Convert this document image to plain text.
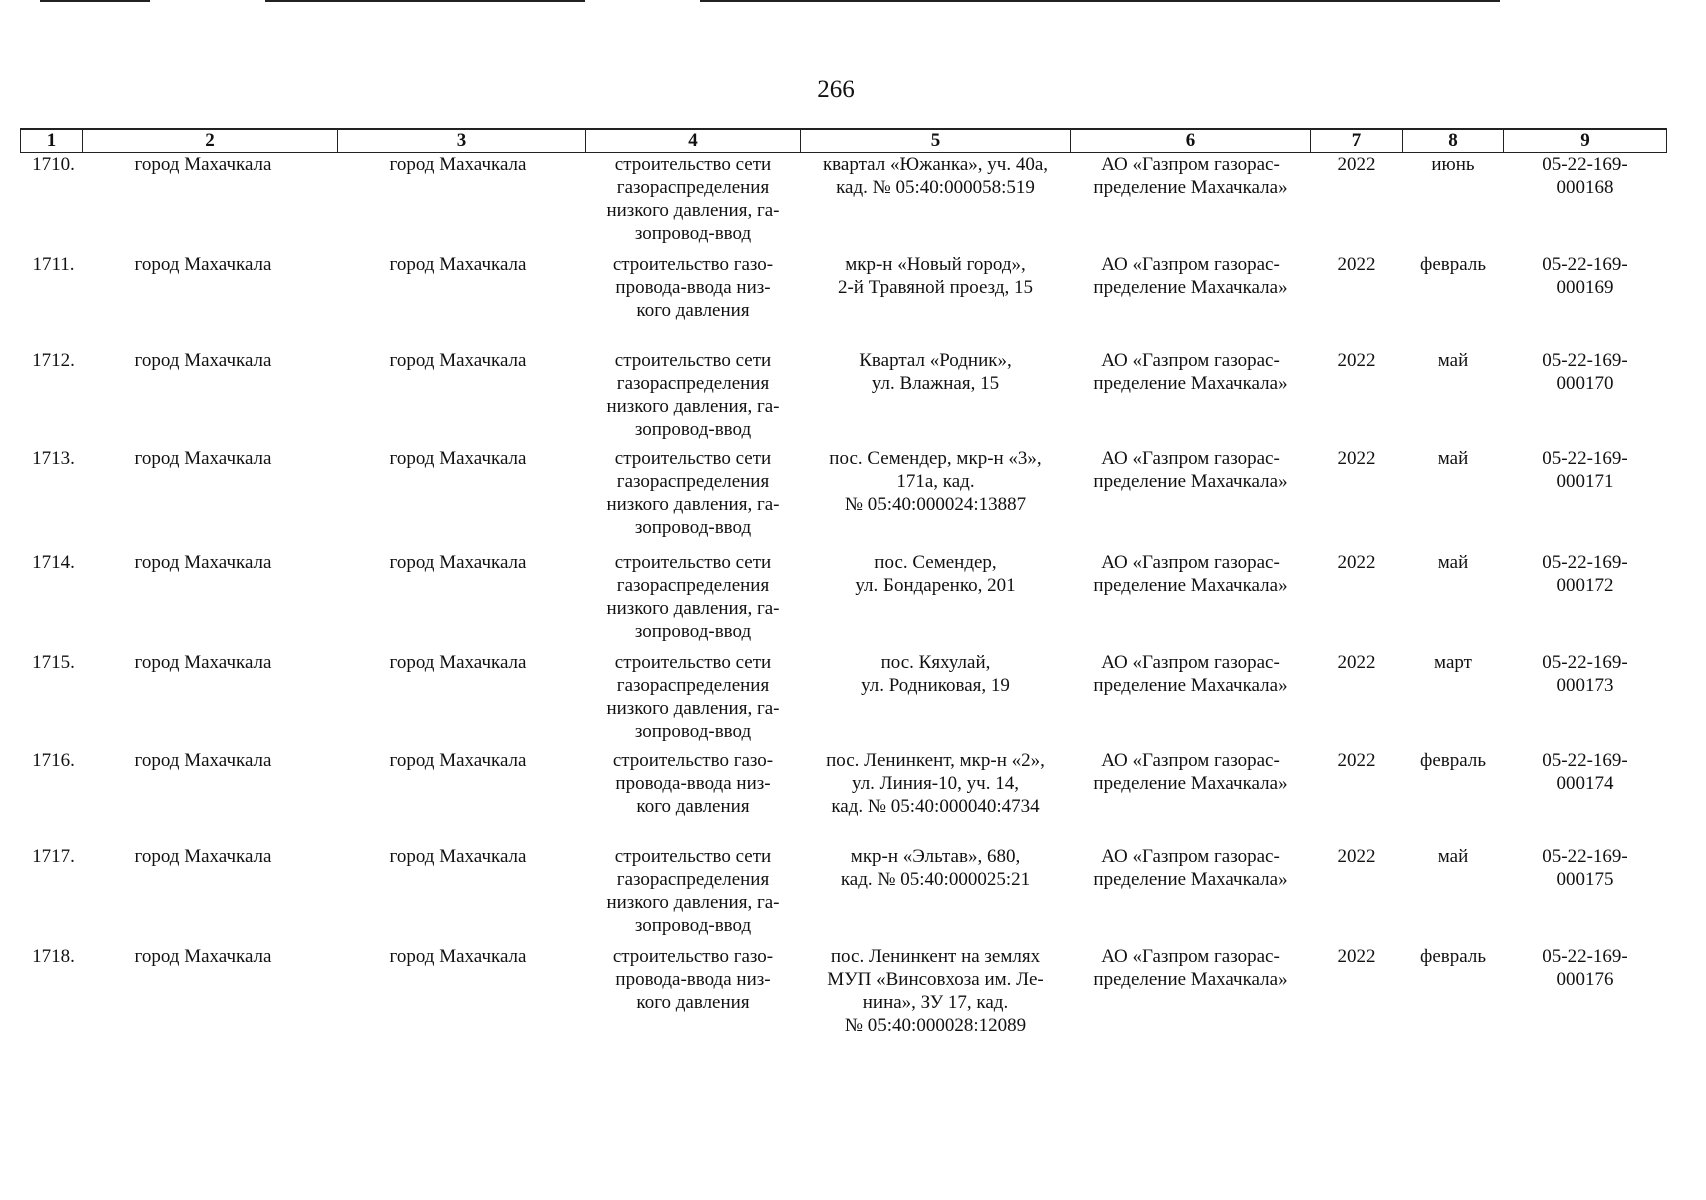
266
1	2	3	4	5	6	7	8	9
1710.	город Махачкала	город Махачкала	строительство сети
газораспределения
низкого давления, га-
зопровод-ввод	квартал «Южанка», уч. 40а,
кад. № 05:40:000058:519	АО «Газпром газорас-
пределение Махачкала»	2022	июнь	05-22-169-
000168
1711.	город Махачкала	город Махачкала	строительство газо-
провода-ввода низ-
кого давления	мкр-н «Новый город»,
2-й Травяной проезд, 15	АО «Газпром газорас-
пределение Махачкала»	2022	февраль	05-22-169-
000169
1712.	город Махачкала	город Махачкала	строительство сети
газораспределения
низкого давления, га-
зопровод-ввод	Квартал «Родник»,
ул. Влажная, 15	АО «Газпром газорас-
пределение Махачкала»	2022	май	05-22-169-
000170
1713.	город Махачкала	город Махачкала	строительство сети
газораспределения
низкого давления, га-
зопровод-ввод	пос. Семендер, мкр-н «3»,
171а, кад.
№ 05:40:000024:13887	АО «Газпром газорас-
пределение Махачкала»	2022	май	05-22-169-
000171
1714.	город Махачкала	город Махачкала	строительство сети
газораспределения
низкого давления, га-
зопровод-ввод	пос. Семендер,
ул. Бондаренко, 201	АО «Газпром газорас-
пределение Махачкала»	2022	май	05-22-169-
000172
1715.	город Махачкала	город Махачкала	строительство сети
газораспределения
низкого давления, га-
зопровод-ввод	пос. Кяхулай,
ул. Родниковая, 19	АО «Газпром газорас-
пределение Махачкала»	2022	март	05-22-169-
000173
1716.	город Махачкала	город Махачкала	строительство газо-
провода-ввода низ-
кого давления	пос. Ленинкент, мкр-н «2»,
ул. Линия-10, уч. 14,
кад. № 05:40:000040:4734	АО «Газпром газорас-
пределение Махачкала»	2022	февраль	05-22-169-
000174
1717.	город Махачкала	город Махачкала	строительство сети
газораспределения
низкого давления, га-
зопровод-ввод	мкр-н «Эльтав», 680,
кад. № 05:40:000025:21	АО «Газпром газорас-
пределение Махачкала»	2022	май	05-22-169-
000175
1718.	город Махачкала	город Махачкала	строительство газо-
провода-ввода низ-
кого давления	пос. Ленинкент на землях
МУП «Винсовхоза им. Ле-
нина», ЗУ 17, кад.
№ 05:40:000028:12089	АО «Газпром газорас-
пределение Махачкала»	2022	февраль	05-22-169-
000176
